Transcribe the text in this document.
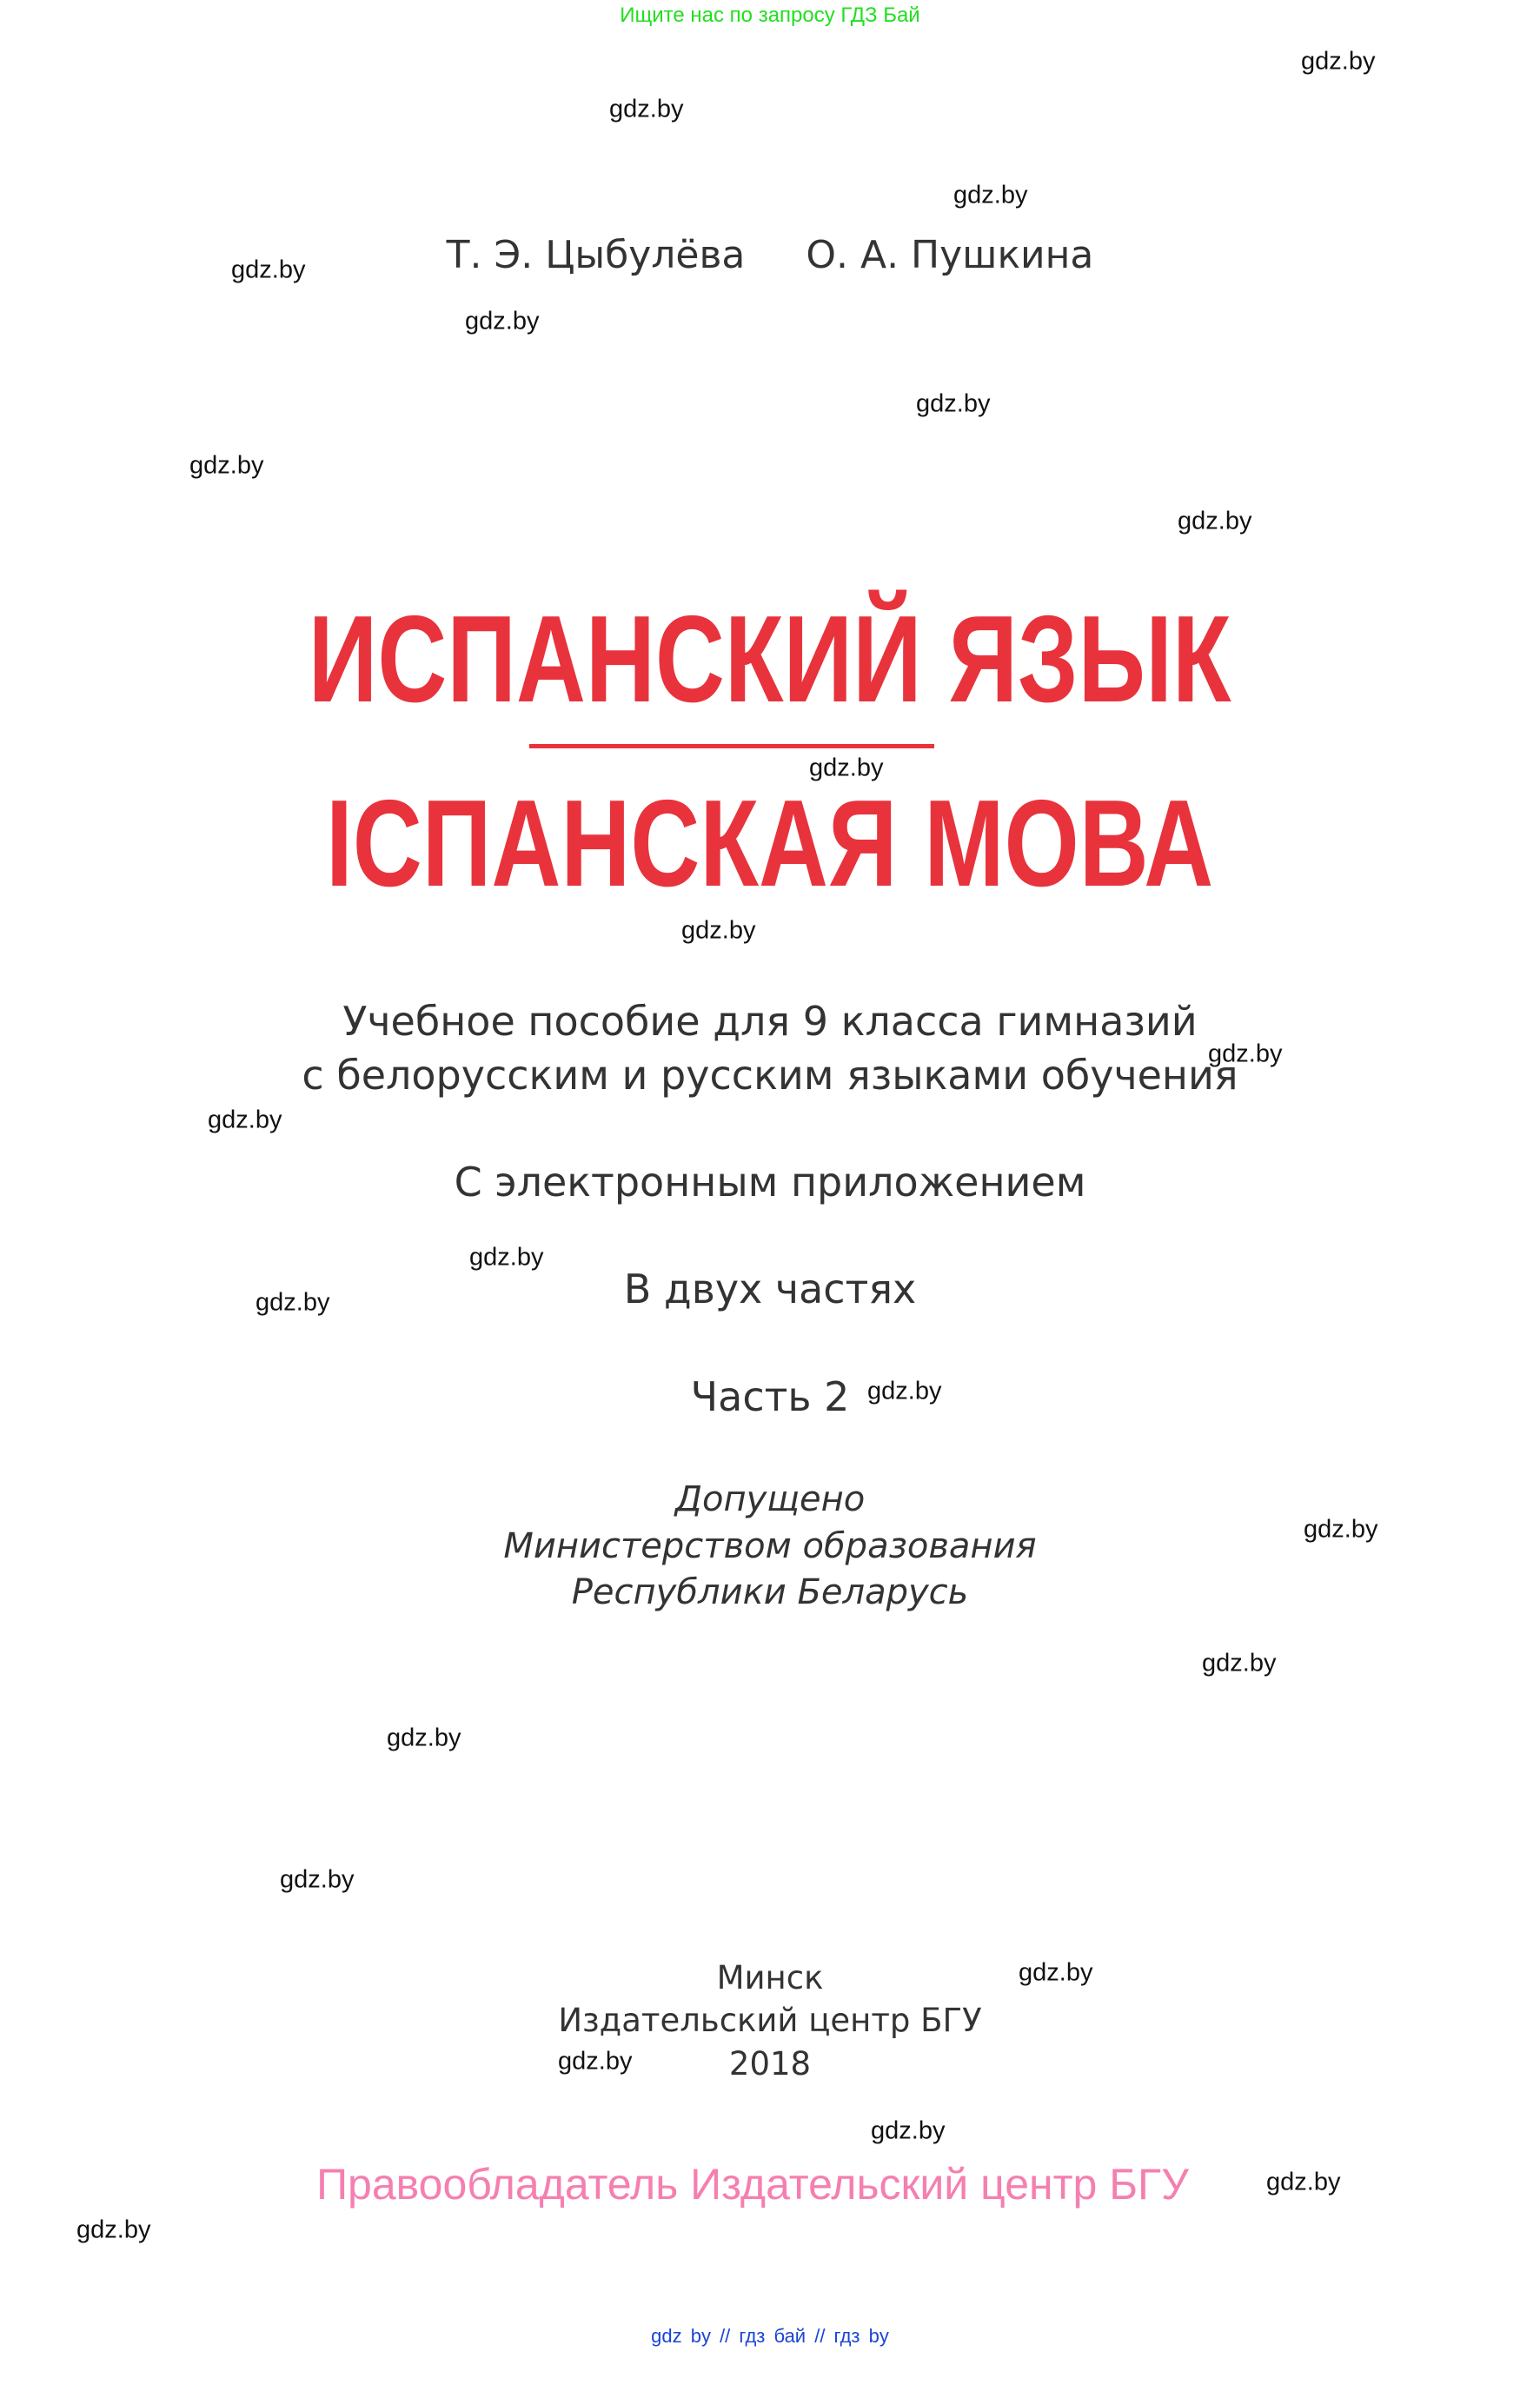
Ищите нас по запросу ГДЗ Бай
Т. Э. Цыбулёва О. А. Пушкина
ИСПАНСКИЙ ЯЗЫК
ІСПАНСКАЯ МОВА
Учебное пособие для 9 класса гимназий
с белорусским и русским языками обучения
С электронным приложением
В двух частях
Часть 2
Допущено
Министерством образования
Республики Беларусь
Минск
Издательский центр БГУ
2018
Правообладатель Издательский центр БГУ
gdz by // гдз бай // гдз by
gdz.by
gdz.by
gdz.by
gdz.by
gdz.by
gdz.by
gdz.by
gdz.by
gdz.by
gdz.by
gdz.by
gdz.by
gdz.by
gdz.by
gdz.by
gdz.by
gdz.by
gdz.by
gdz.by
gdz.by
gdz.by
gdz.by
gdz.by
gdz.by
